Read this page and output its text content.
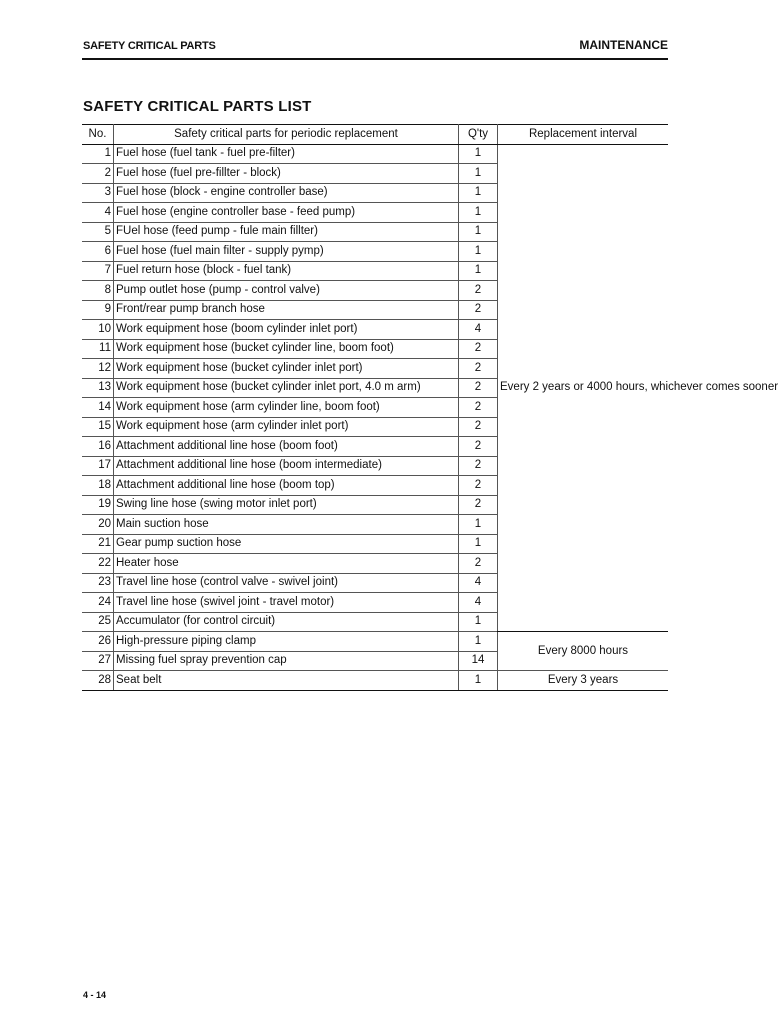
SAFETY CRITICAL PARTS	MAINTENANCE
SAFETY CRITICAL PARTS LIST
No.	Safety critical parts for periodic replacement	Q'ty	Replacement interval
1	Fuel hose (fuel tank - fuel pre-filter)	1	Every 2 years or 4000 hours, whichever comes sooner
2	Fuel hose (fuel pre-fillter - block)	1	
3	Fuel hose (block - engine controller base)	1	
4	Fuel hose (engine controller base - feed pump)	1	
5	FUel hose (feed pump - fule main fillter)	1	
6	Fuel hose (fuel main filter - supply pymp)	1	
7	Fuel return hose (block - fuel tank)	1	
8	Pump outlet hose (pump - control valve)	2	
9	Front/rear pump branch hose	2	
10	Work equipment hose (boom cylinder inlet port)	4	
11	Work equipment hose (bucket cylinder line, boom foot)	2	
12	Work equipment hose (bucket cylinder inlet port)	2	
13	Work equipment hose (bucket cylinder inlet port, 4.0 m arm)	2	
14	Work equipment hose (arm cylinder line, boom foot)	2	
15	Work equipment hose (arm cylinder inlet port)	2	
16	Attachment additional line hose (boom foot)	2	
17	Attachment additional line hose (boom intermediate)	2	
18	Attachment additional line hose (boom top)	2	
19	Swing line hose (swing motor inlet port)	2	
20	Main suction hose	1	
21	Gear pump suction hose	1	
22	Heater hose	2	
23	Travel line hose (control valve - swivel joint)	4	
24	Travel line hose (swivel joint - travel motor)	4	
25	Accumulator (for control circuit)	1	
26	High-pressure piping clamp	1	Every 8000 hours
27	Missing fuel spray prevention cap	14	
28	Seat belt	1	Every 3 years
4 - 14
